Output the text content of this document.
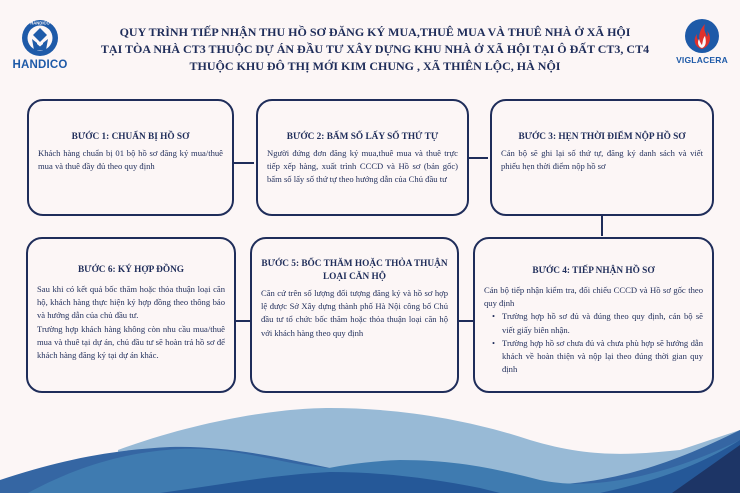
HANDICO
HANDICO	VIGLACERA
QUY TRÌNH TIẾP NHẬN THU HỒ SƠ ĐĂNG KÝ MUA,THUÊ MUA VÀ THUÊ NHÀ Ở XÃ HỘI
TẠI TÒA NHÀ CT3 THUỘC DỰ ÁN ĐẦU TƯ XÂY DỰNG KHU NHÀ Ở XÃ HỘI TẠI Ô ĐẤT CT3, CT4
THUỘC KHU ĐÔ THỊ MỚI KIM CHUNG , XÃ THIÊN LỘC, HÀ NỘI
BƯỚC 1: CHUẨN BỊ HỒ SƠ

Khách hàng chuẩn bị 01 bộ hồ sơ đăng ký mua/thuê mua và thuê đầy đủ theo quy định

BƯỚC 2: BẤM SỐ LẤY SỐ THỨ TỰ

Người đứng đơn đăng ký mua,thuê mua và thuê trực tiếp xếp hàng, xuất trình CCCD và Hồ sơ (bản gốc) bấm số lấy số thứ tự theo hướng dẫn của Chủ đầu tư

BƯỚC 3: HẸN THỜI ĐIỂM NỘP HỒ SƠ

Cán bộ sẽ ghi lại số thứ tự, đăng ký danh sách và viết phiếu hẹn thời điểm nộp hồ sơ

BƯỚC 4: TIẾP NHẬN HỒ SƠ

Cán bộ tiếp nhận kiểm tra, đối chiếu CCCD và Hồ sơ gốc theo quy định

• Trường hợp hồ sơ đủ và đúng theo quy định, cán bộ sẽ viết giấy biên nhận.
• Trường hợp hồ sơ chưa đủ và chưa phù hợp sẽ hướng dẫn khách về hoàn thiện và nộp lại theo đúng thời gian quy định
BƯỚC 5: BỐC THĂM HOẶC THỎA THUẬN
LOẠI CĂN HỘ

Căn cứ trên số lượng đối tượng đăng ký và hồ sơ hợp lệ được Sở Xây dựng thành phố Hà Nội công bố Chủ đầu tư tổ chức bốc thăm hoặc thỏa thuận loại căn hộ với khách hàng theo quy định

BƯỚC 6: KÝ HỢP ĐỒNG

Sau khi có kết quả bốc thăm hoặc thỏa thuận loại căn hộ, khách hàng thực hiện ký hợp đồng theo thông báo và hướng dẫn của chủ đầu tư.

Trường hợp khách hàng không còn nhu cầu mua/thuê mua và thuê tại dự án, chủ đầu tư sẽ hoàn trả hồ sơ để khách hàng đăng ký tại dự án khác.
